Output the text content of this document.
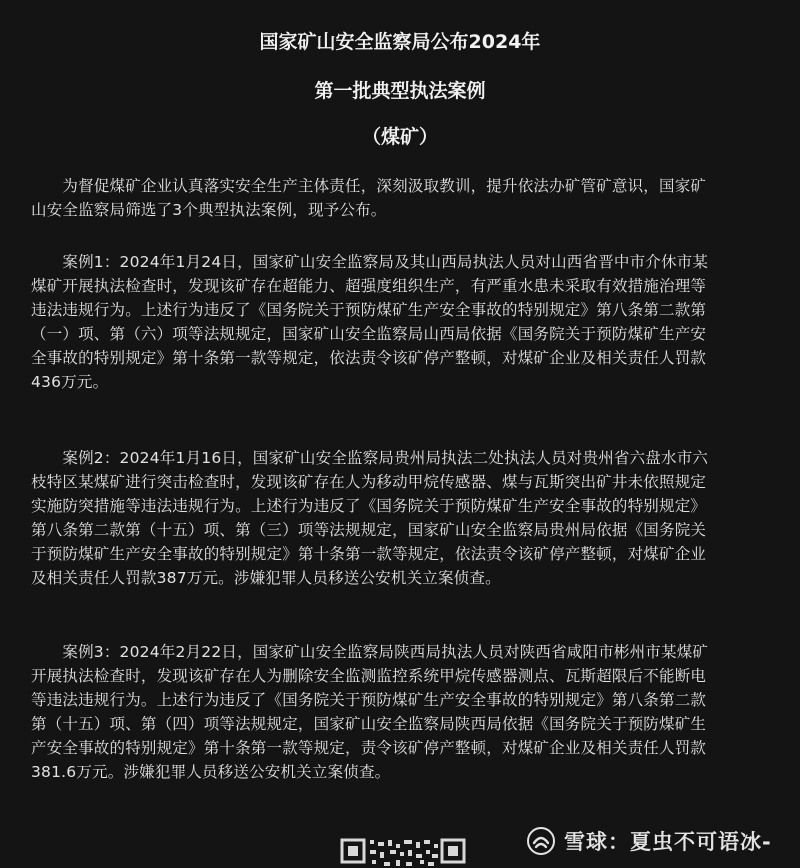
国家矿山安全监察局公布2024年
第一批典型执法案例
（煤矿）
　　为督促煤矿企业认真落实安全生产主体责任，深刻汲取教训，提升依法办矿管矿意识，国家矿
山安全监察局筛选了3个典型执法案例，现予公布。
　　案例1：2024年1月24日，国家矿山安全监察局及其山西局执法人员对山西省晋中市介休市某
煤矿开展执法检查时，发现该矿存在超能力、超强度组织生产，有严重水患未采取有效措施治理等
违法违规行为。上述行为违反了《国务院关于预防煤矿生产安全事故的特别规定》第八条第二款第
（一）项、第（六）项等法规规定，国家矿山安全监察局山西局依据《国务院关于预防煤矿生产安
全事故的特别规定》第十条第一款等规定，依法责令该矿停产整顿，对煤矿企业及相关责任人罚款
436万元。
　　案例2：2024年1月16日，国家矿山安全监察局贵州局执法二处执法人员对贵州省六盘水市六
枝特区某煤矿进行突击检查时，发现该矿存在人为移动甲烷传感器、煤与瓦斯突出矿井未依照规定
实施防突措施等违法违规行为。上述行为违反了《国务院关于预防煤矿生产安全事故的特别规定》
第八条第二款第（十五）项、第（三）项等法规规定，国家矿山安全监察局贵州局依据《国务院关
于预防煤矿生产安全事故的特别规定》第十条第一款等规定，依法责令该矿停产整顿，对煤矿企业
及相关责任人罚款387万元。涉嫌犯罪人员移送公安机关立案侦查。
　　案例3：2024年2月22日，国家矿山安全监察局陕西局执法人员对陕西省咸阳市彬州市某煤矿
开展执法检查时，发现该矿存在人为删除安全监测监控系统甲烷传感器测点、瓦斯超限后不能断电
等违法违规行为。上述行为违反了《国务院关于预防煤矿生产安全事故的特别规定》第八条第二款
第（十五）项、第（四）项等法规规定，国家矿山安全监察局陕西局依据《国务院关于预防煤矿生
产安全事故的特别规定》第十条第一款等规定，责令该矿停产整顿，对煤矿企业及相关责任人罚款
381.6万元。涉嫌犯罪人员移送公安机关立案侦查。
雪球：夏虫不可语冰-
